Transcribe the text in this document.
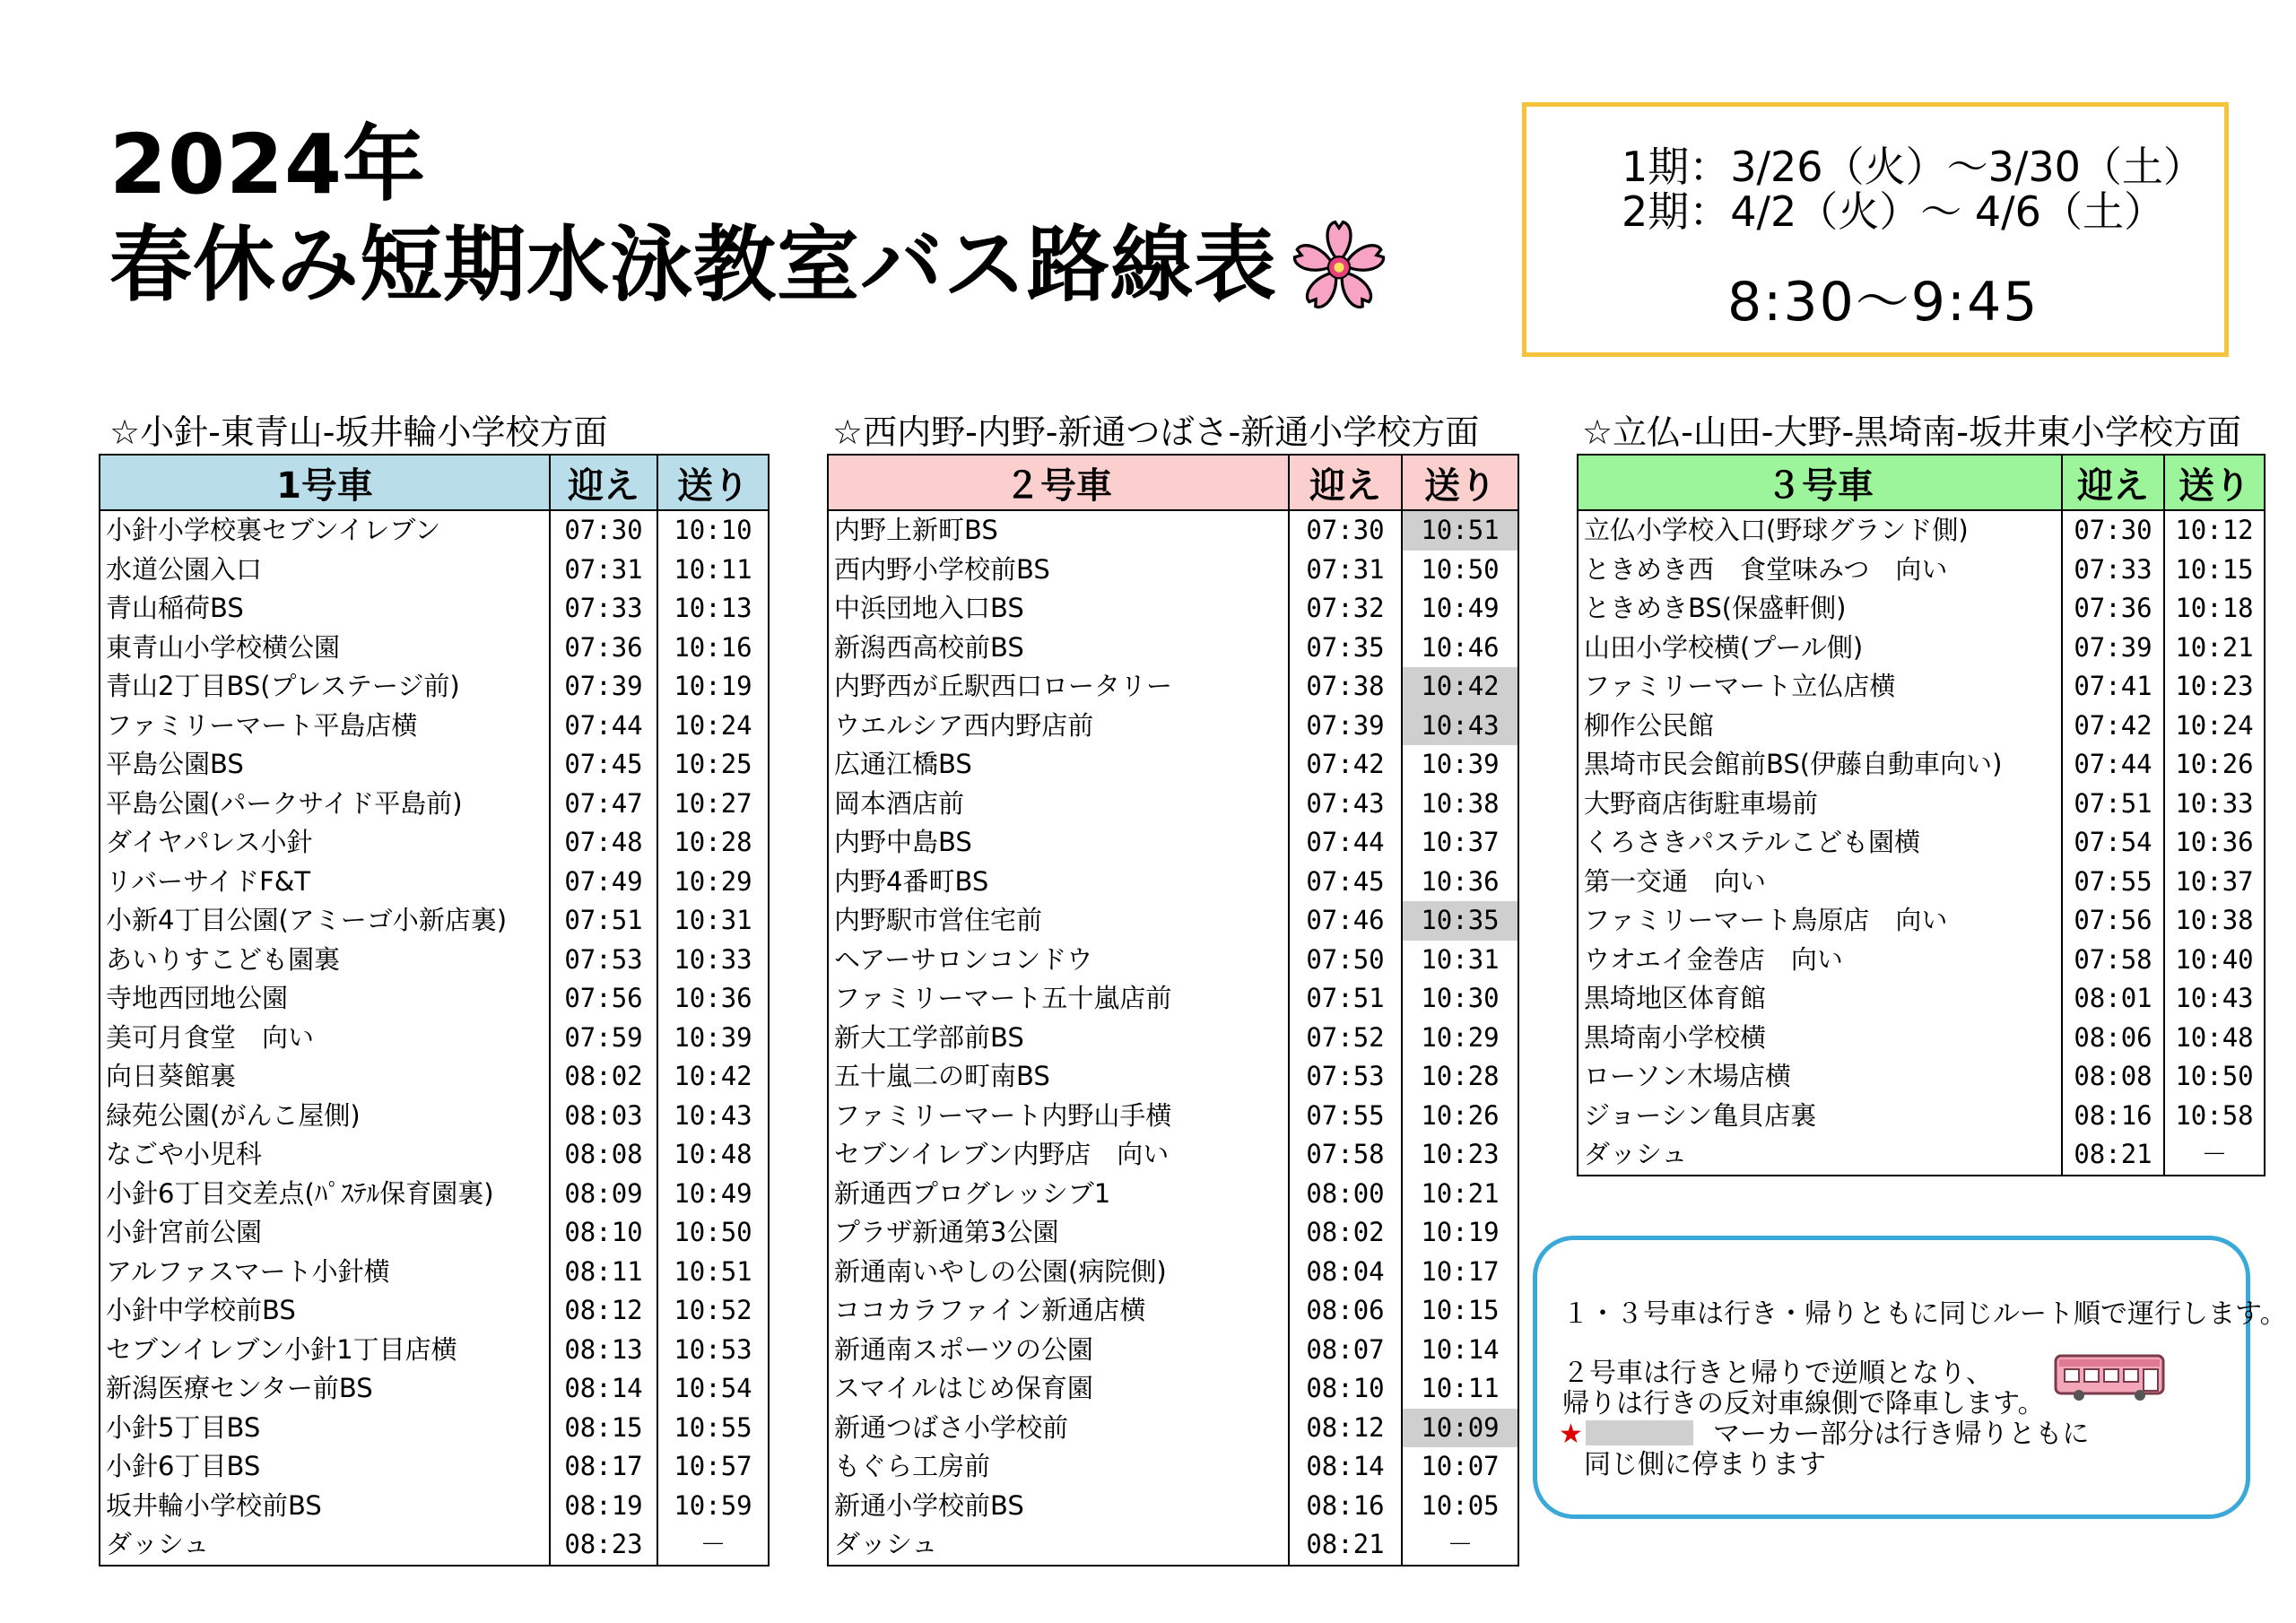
2024年
春休み短期水泳教室バス路線表
1期：3/26（火）～3/30（土）
2期：4/2（火）～ 4/6（土）
8:30～9:45
☆小針-東青山-坂井輪小学校方面	☆西内野-内野-新通つばさ-新通小学校方面	☆立仏-山田-大野-黒埼南-坂井東小学校方面
1号車	迎え	送り
小針小学校裏セブンイレブン	07:30	10:10
水道公園入口	07:31	10:11
青山稲荷BS	07:33	10:13
東青山小学校横公園	07:36	10:16
青山2丁目BS(プレステージ前)	07:39	10:19
ファミリーマート平島店横	07:44	10:24
平島公園BS	07:45	10:25
平島公園(パークサイド平島前)	07:47	10:27
ダイヤパレス小針	07:48	10:28
リバーサイドF&T	07:49	10:29
小新4丁目公園(アミーゴ小新店裏)	07:51	10:31
あいりすこども園裏	07:53	10:33
寺地西団地公園	07:56	10:36
美可月食堂　向い	07:59	10:39
向日葵館裏	08:02	10:42
緑苑公園(がんこ屋側)	08:03	10:43
なごや小児科	08:08	10:48
小針6丁目交差点(ﾊﾟｽﾃﾙ保育園裏)	08:09	10:49
小針宮前公園	08:10	10:50
アルファスマート小針横	08:11	10:51
小針中学校前BS	08:12	10:52
セブンイレブン小針1丁目店横	08:13	10:53
新潟医療センター前BS	08:14	10:54
小針5丁目BS	08:15	10:55
小針6丁目BS	08:17	10:57
坂井輪小学校前BS	08:19	10:59
ダッシュ	08:23	－
２号車	迎え	送り
内野上新町BS	07:30	10:51
西内野小学校前BS	07:31	10:50
中浜団地入口BS	07:32	10:49
新潟西高校前BS	07:35	10:46
内野西が丘駅西口ロータリー	07:38	10:42
ウエルシア西内野店前	07:39	10:43
広通江橋BS	07:42	10:39
岡本酒店前	07:43	10:38
内野中島BS	07:44	10:37
内野4番町BS	07:45	10:36
内野駅市営住宅前	07:46	10:35
ヘアーサロンコンドウ	07:50	10:31
ファミリーマート五十嵐店前	07:51	10:30
新大工学部前BS	07:52	10:29
五十嵐二の町南BS	07:53	10:28
ファミリーマート内野山手横	07:55	10:26
セブンイレブン内野店　向い	07:58	10:23
新通西プログレッシブ1	08:00	10:21
プラザ新通第3公園	08:02	10:19
新通南いやしの公園(病院側)	08:04	10:17
ココカラファイン新通店横	08:06	10:15
新通南スポーツの公園	08:07	10:14
スマイルはじめ保育園	08:10	10:11
新通つばさ小学校前	08:12	10:09
もぐら工房前	08:14	10:07
新通小学校前BS	08:16	10:05
ダッシュ	08:21	－
３号車	迎え	送り
立仏小学校入口(野球グランド側)	07:30	10:12
ときめき西　食堂味みつ　向い	07:33	10:15
ときめきBS(保盛軒側)	07:36	10:18
山田小学校横(プール側)	07:39	10:21
ファミリーマート立仏店横	07:41	10:23
柳作公民館	07:42	10:24
黒埼市民会館前BS(伊藤自動車向い)	07:44	10:26
大野商店街駐車場前	07:51	10:33
くろさきパステルこども園横	07:54	10:36
第一交通　向い	07:55	10:37
ファミリーマート鳥原店　向い	07:56	10:38
ウオエイ金巻店　向い	07:58	10:40
黒埼地区体育館	08:01	10:43
黒埼南小学校横	08:06	10:48
ローソン木場店横	08:08	10:50
ジョーシン亀貝店裏	08:16	10:58
ダッシュ	08:21	－
１・３号車は行き・帰りともに同じルート順で運行します。
２号車は行きと帰りで逆順となり、
帰りは行きの反対車線側で降車します。
★	マーカー部分は行き帰りともに
同じ側に停まります
